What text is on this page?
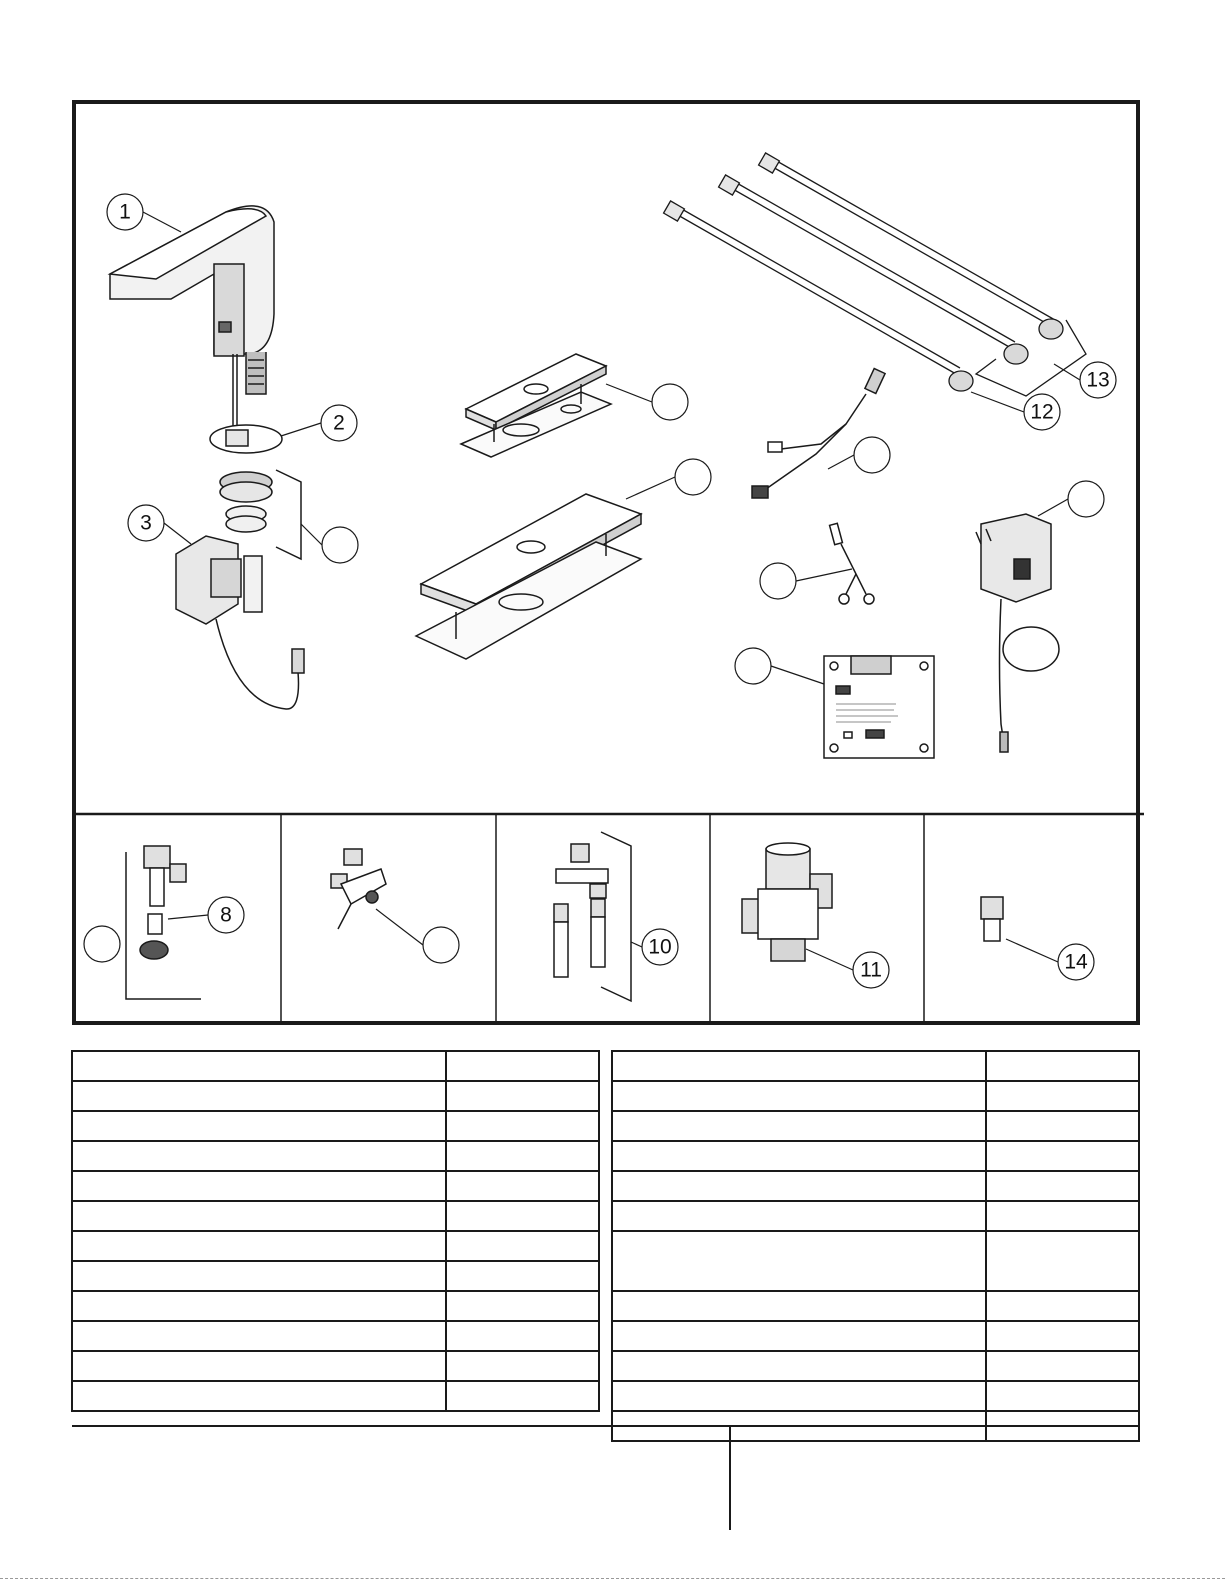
1
2
3
8
10
11
12
13
14
